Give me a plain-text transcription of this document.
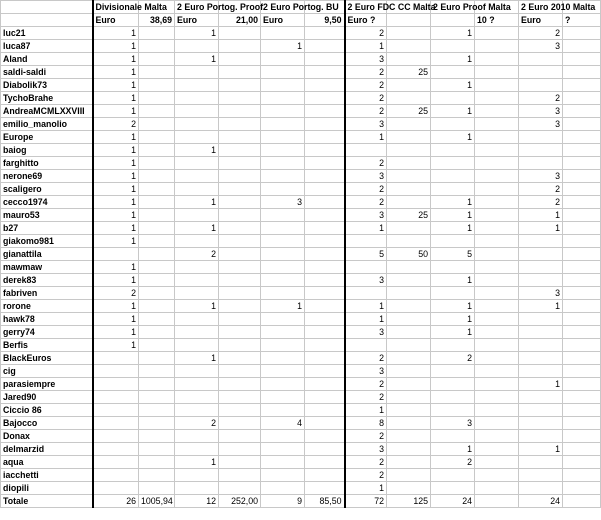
	Divisionale Malta		2 Euro Portog. Proof		2 Euro Portog. BU		2 Euro FDC CC Malta		2 Euro Proof Malta		2 Euro 2010 Malta	
	Euro	38,69	Euro	21,00	Euro	9,50	Euro ?			10 ?	Euro	?
luc21	1		1				2		1		2	
luca87	1				1		1				3	
Aland	1		1				3		1			
saldi-saldi	1						2	25				
Diabolik73	1						2		1			
TychoBrahe	1						2				2	
AndreaMCMLXXVIII	1						2	25	1		3	
emilio_manolio	2						3				3	
Europe	1						1		1			
baiog	1		1									
farghitto	1						2					
nerone69	1						3				3	
scaligero	1						2				2	
cecco1974	1		1		3		2		1		2	
mauro53	1						3	25	1		1	
b27	1		1				1		1		1	
giakomo981	1											
gianattila			2				5	50	5			
mawmaw	1											
derek83	1						3		1			
fabriven	2										3	
rorone	1		1		1		1		1		1	
hawk78	1						1		1			
gerry74	1						3		1			
Berfis	1											
BlackEuros			1				2		2			
cig							3					
parasiempre							2				1	
Jared90							2					
Ciccio 86							1					
Bajocco			2		4		8		3			
Donax							2					
delmarzid							3		1		1	
aqua			1				2		2			
iacchetti							2					
diopili							1					
Totale	26	1005,94	12	252,00	9	85,50	72	125	24		24	
